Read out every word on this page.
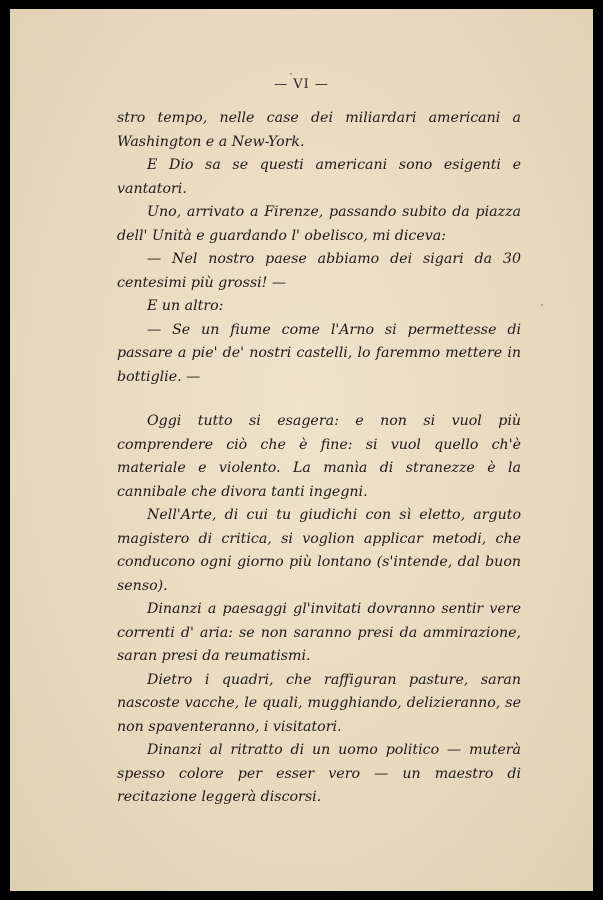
— VI —

stro tempo, nelle case dei miliardari americani a Washington e a New-York.

E Dio sa se questi americani sono esigenti e vantatori.

Uno, arrivato a Firenze, passando subito da piazza dell' Unità e guardando l' obelisco, mi diceva:

— Nel nostro paese abbiamo dei sigari da 30 centesimi più grossi! —

E un altro:

— Se un fiume come l'Arno si permettesse di passare a pie' de' nostri castelli, lo faremmo mettere in bottiglie. —

Oggi tutto si esagera: e non si vuol più comprendere ciò che è fine: si vuol quello ch'è materiale e violento. La manìa di stranezze è la cannibale che divora tanti ingegni.

Nell'Arte, di cui tu giudichi con sì eletto, arguto magistero di critica, si voglion applicar metodi, che conducono ogni giorno più lontano (s'intende, dal buon senso).

Dinanzi a paesaggi gl'invitati dovranno sentir vere correnti d' aria: se non saranno presi da ammirazione, saran presi da reumatismi.

Dietro i quadri, che raffiguran pasture, saran nascoste vacche, le quali, mugghiando, delizieranno, se non spaventeranno, i visitatori.

Dinanzi al ritratto di un uomo politico — muterà spesso colore per esser vero — un maestro di recitazione leggerà discorsi.
